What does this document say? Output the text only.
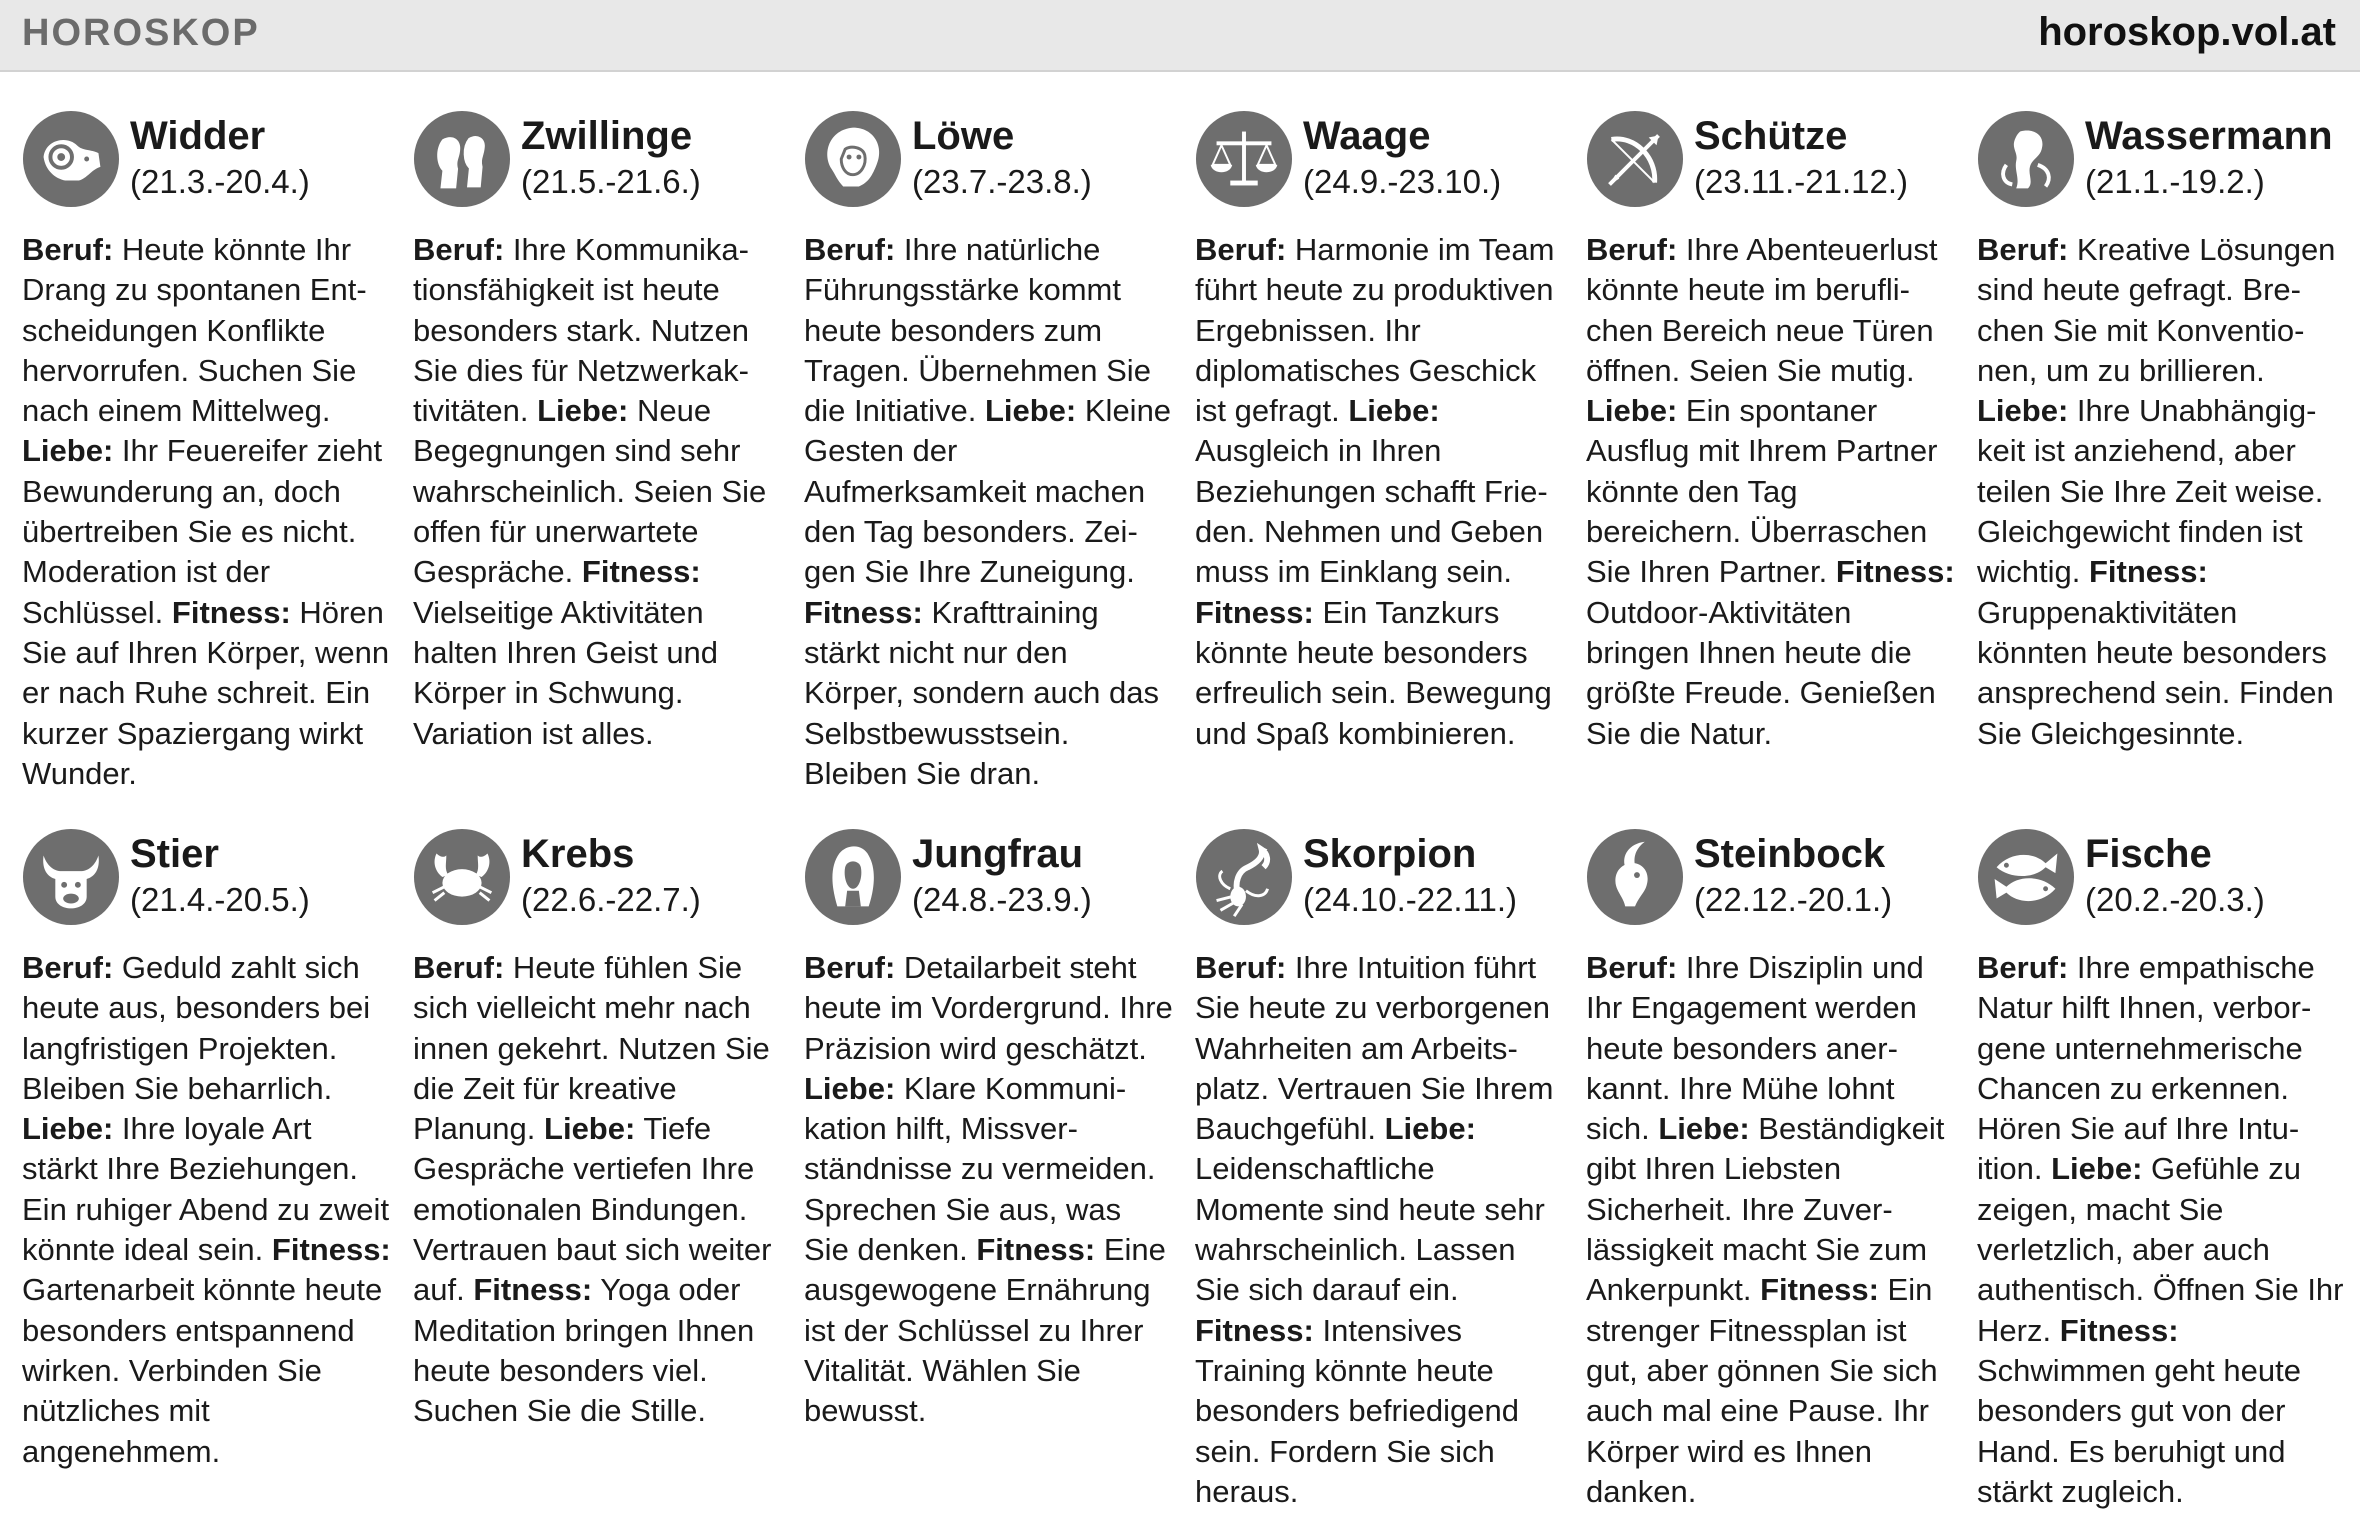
HOROSKOP	horoskop.vol.at
Widder
(21.3.-20.4.)
Beruf: Heute könnte Ihr Drang zu spontanen Entscheidungen Konflikte hervorrufen. Suchen Sie nach einem Mittelweg. Liebe: Ihr Feuereifer zieht Bewunderung an, doch übertreiben Sie es nicht. Moderation ist der Schlüssel. Fitness: Hören Sie auf Ihren Körper, wenn er nach Ruhe schreit. Ein kurzer Spaziergang wirkt Wunder.
Zwillinge
(21.5.-21.6.)
Beruf: Ihre Kommunikationsfähigkeit ist heute besonders stark. Nutzen Sie dies für Netzwerkaktivitäten. Liebe: Neue Begegnungen sind sehr wahrscheinlich. Seien Sie offen für unerwartete Gespräche. Fitness: Vielseitige Aktivitäten halten Ihren Geist und Körper in Schwung. Variation ist alles.
Löwe
(23.7.-23.8.)
Beruf: Ihre natürliche Führungsstärke kommt heute besonders zum Tragen. Übernehmen Sie die Initiative. Liebe: Kleine Gesten der Aufmerksamkeit machen den Tag besonders. Zeigen Sie Ihre Zuneigung. Fitness: Krafttraining stärkt nicht nur den Körper, sondern auch das Selbstbewusstsein. Bleiben Sie dran.
Waage
(24.9.-23.10.)
Beruf: Harmonie im Team führt heute zu produktiven Ergebnissen. Ihr diplomatisches Geschick ist gefragt. Liebe: Ausgleich in Ihren Beziehungen schafft Frieden. Nehmen und Geben muss im Einklang sein. Fitness: Ein Tanzkurs könnte heute besonders erfreulich sein. Bewegung und Spaß kombinieren.
Schütze
(23.11.-21.12.)
Beruf: Ihre Abenteuerlust könnte heute im beruflichen Bereich neue Türen öffnen. Seien Sie mutig. Liebe: Ein spontaner Ausflug mit Ihrem Partner könnte den Tag bereichern. Überraschen Sie Ihren Partner. Fitness: Outdoor-Aktivitäten bringen Ihnen heute die größte Freude. Genießen Sie die Natur.
Wassermann
(21.1.-19.2.)
Beruf: Kreative Lösungen sind heute gefragt. Brechen Sie mit Konventionen, um zu brillieren. Liebe: Ihre Unabhängigkeit ist anziehend, aber teilen Sie Ihre Zeit weise. Gleichgewicht finden ist wichtig. Fitness: Gruppenaktivitäten könnten heute besonders ansprechend sein. Finden Sie Gleichgesinnte.
Stier
(21.4.-20.5.)
Beruf: Geduld zahlt sich heute aus, besonders bei langfristigen Projekten. Bleiben Sie beharrlich. Liebe: Ihre loyale Art stärkt Ihre Beziehungen. Ein ruhiger Abend zu zweit könnte ideal sein. Fitness: Gartenarbeit könnte heute besonders entspannend wirken. Verbinden Sie nützliches mit angenehmem.
Krebs
(22.6.-22.7.)
Beruf: Heute fühlen Sie sich vielleicht mehr nach innen gekehrt. Nutzen Sie die Zeit für kreative Planung. Liebe: Tiefe Gespräche vertiefen Ihre emotionalen Bindungen. Vertrauen baut sich weiter auf. Fitness: Yoga oder Meditation bringen Ihnen heute besonders viel. Suchen Sie die Stille.
Jungfrau
(24.8.-23.9.)
Beruf: Detailarbeit steht heute im Vordergrund. Ihre Präzision wird geschätzt. Liebe: Klare Kommunikation hilft, Missverständnisse zu vermeiden. Sprechen Sie aus, was Sie denken. Fitness: Eine ausgewogene Ernährung ist der Schlüssel zu Ihrer Vitalität. Wählen Sie bewusst.
Skorpion
(24.10.-22.11.)
Beruf: Ihre Intuition führt Sie heute zu verborgenen Wahrheiten am Arbeitsplatz. Vertrauen Sie Ihrem Bauchgefühl. Liebe: Leidenschaftliche Momente sind heute sehr wahrscheinlich. Lassen Sie sich darauf ein. Fitness: Intensives Training könnte heute besonders befriedigend sein. Fordern Sie sich heraus.
Steinbock
(22.12.-20.1.)
Beruf: Ihre Disziplin und Ihr Engagement werden heute besonders anerkannt. Ihre Mühe lohnt sich. Liebe: Beständigkeit gibt Ihren Liebsten Sicherheit. Ihre Zuverlässigkeit macht Sie zum Ankerpunkt. Fitness: Ein strenger Fitnessplan ist gut, aber gönnen Sie sich auch mal eine Pause. Ihr Körper wird es Ihnen danken.
Fische
(20.2.-20.3.)
Beruf: Ihre empathische Natur hilft Ihnen, verborgene unternehmerische Chancen zu erkennen. Hören Sie auf Ihre Intuition. Liebe: Gefühle zu zeigen, macht Sie verletzlich, aber auch authentisch. Öffnen Sie Ihr Herz. Fitness: Schwimmen geht heute besonders gut von der Hand. Es beruhigt und stärkt zugleich.
